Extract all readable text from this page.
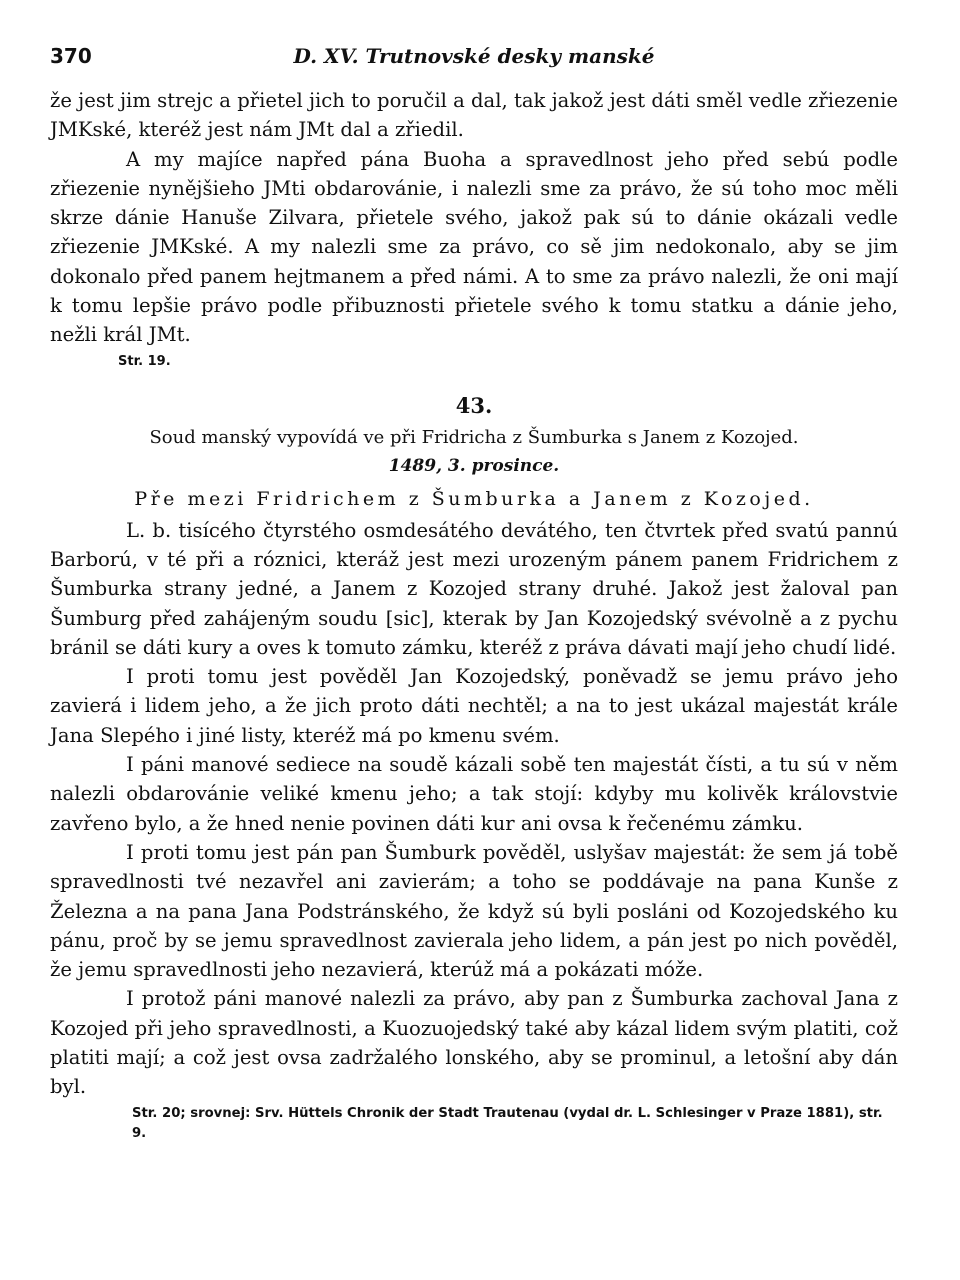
370	D. XV. Trutnovské desky manské

že jest jim strejc a přietel jich to poručil a dal, tak jakož jest dáti směl vedle zřiezenie JMKské, kteréž jest nám JMt dal a zřiedil.

A my majíce napřed pána Buoha a spravedlnost jeho před sebú podle zřiezenie nynějšieho JMti obdarovánie, i nalezli sme za právo, že sú toho moc měli skrze dánie Hanuše Zilvara, přietele svého, jakož pak sú to dánie okázali vedle zřiezenie JMKské. A my nalezli sme za právo, co sě jim nedokonalo, aby se jim dokonalo před panem hejtmanem a před námi. A to sme za právo nalezli, že oni mají k tomu lepšie právo podle přibuznosti přietele svého k tomu statku a dánie jeho, nežli král JMt.

Str. 19.
43.
Soud manský vypovídá ve při Fridricha z Šumburka s Janem z Kozojed.
1489, 3. prosince.
Pře mezi Fridrichem z Šumburka a Janem z Kozojed.

L. b. tisícého čtyrstého osmdesátého devátého, ten čtvrtek před svatú pannú Barború, v té při a róznici, kteráž jest mezi urozeným pánem panem Fridrichem z Šumburka strany jedné, a Janem z Kozojed strany druhé. Jakož jest žaloval pan Šumburg před zahájeným soudu [sic], kterak by Jan Kozojedský svévolně a z pychu bránil se dáti kury a oves k tomuto zámku, kteréž z práva dávati mají jeho chudí lidé.

I proti tomu jest pověděl Jan Kozojedský, poněvadž se jemu právo jeho zavierá i lidem jeho, a že jich proto dáti nechtěl; a na to jest ukázal majestát krále Jana Slepého i jiné listy, kteréž má po kmenu svém.

I páni manové sediece na soudě kázali sobě ten majestát čísti, a tu sú v něm nalezli obdarovánie veliké kmenu jeho; a tak stojí: kdyby mu kolivěk královstvie zavřeno bylo, a že hned nenie povinen dáti kur ani ovsa k řečenému zámku.

I proti tomu jest pán pan Šumburk pověděl, uslyšav majestát: že sem já tobě spravedlnosti tvé nezavřel ani zavierám; a toho se poddávaje na pana Kunše z Železna a na pana Jana Podstránského, že když sú byli posláni od Kozojedského ku pánu, proč by se jemu spravedlnost zavierala jeho lidem, a pán jest po nich pověděl, že jemu spravedlnosti jeho nezavierá, kterúž má a pokázati móže.

I protož páni manové nalezli za právo, aby pan z Šumburka zachoval Jana z Kozojed při jeho spravedlnosti, a Kuozuojedský také aby kázal lidem svým platiti, což platiti mají; a což jest ovsa zadržalého lonského, aby se prominul, a letošní aby dán byl.

Str. 20; srovnej: Srv. Hüttels Chronik der Stadt Trautenau (vydal dr. L. Schlesinger v Praze 1881), str. 9.
